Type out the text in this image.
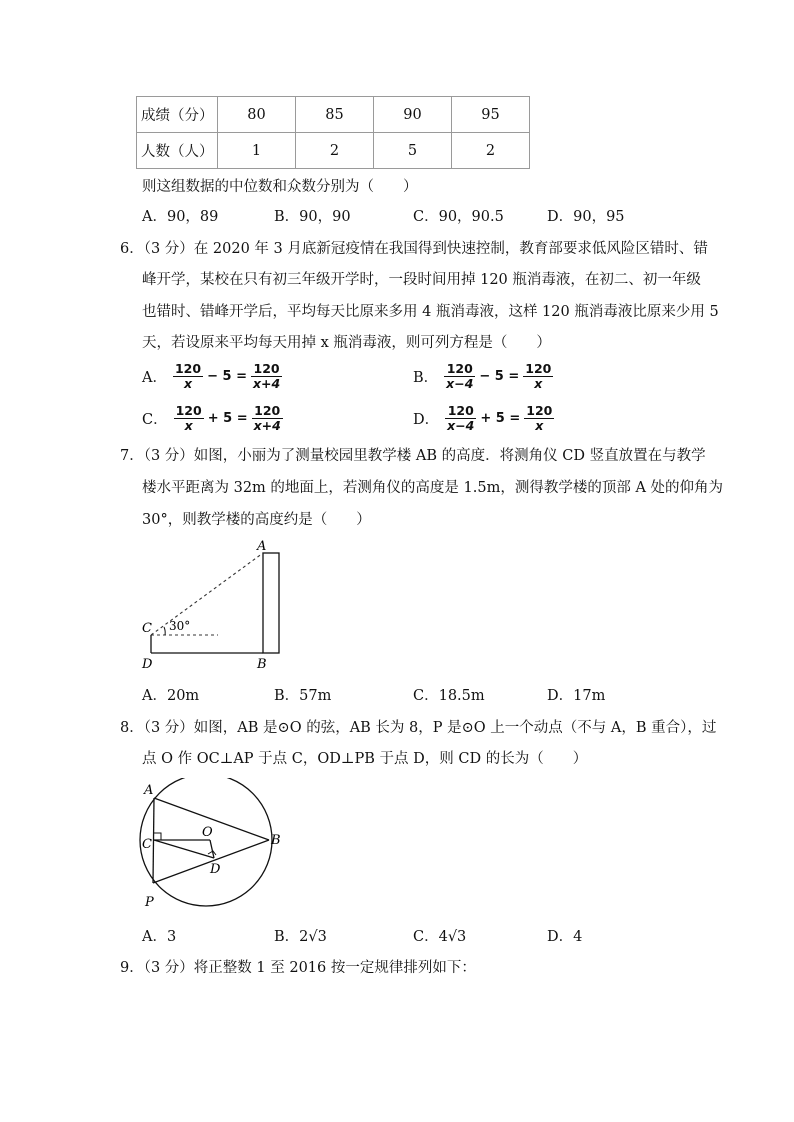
成绩（分）	80	85	90	95
人数（人）	1	2	5	2
则这组数据的中位数和众数分别为（　　）
A．90，89	B．90，90	C．90，90.5	D．90，95
6．（3 分）在 2020 年 3 月底新冠疫情在我国得到快速控制，教育部要求低风险区错时、错
峰开学，某校在只有初三年级开学时，一段时间用掉 120 瓶消毒液，在初二、初一年级
也错时、错峰开学后，平均每天比原来多用 4 瓶消毒液，这样 120 瓶消毒液比原来少用 5
天，若设原来平均每天用掉 x 瓶消毒液，则可列方程是（　　）
A． $\frac{120}{x} - 5 = \frac{120}{x+4}$	B． $\frac{120}{x-4} - 5 = \frac{120}{x}$
C． $\frac{120}{x} + 5 = \frac{120}{x+4}$	D． $\frac{120}{x-4} + 5 = \frac{120}{x}$
7．（3 分）如图，小丽为了测量校园里教学楼 AB 的高度．将测角仪 CD 竖直放置在与教学
楼水平距离为 32m 的地面上，若测角仪的高度是 1.5m，测得教学楼的顶部 A 处的仰角为
30°，则教学楼的高度约是（　　）
A
C
D	B
30°
A．20m	B．57m	C．18.5m	D．17m
8．（3 分）如图，AB 是⊙O 的弦，AB 长为 8，P 是⊙O 上一个动点（不与 A，B 重合），过
点 O 作 OC⊥AP 于点 C，OD⊥PB 于点 D，则 CD 的长为（　　）
A
C
O
D
B
P
A．3	B．2√3	C．4√3	D．4
9．（3 分）将正整数 1 至 2016 按一定规律排列如下：
